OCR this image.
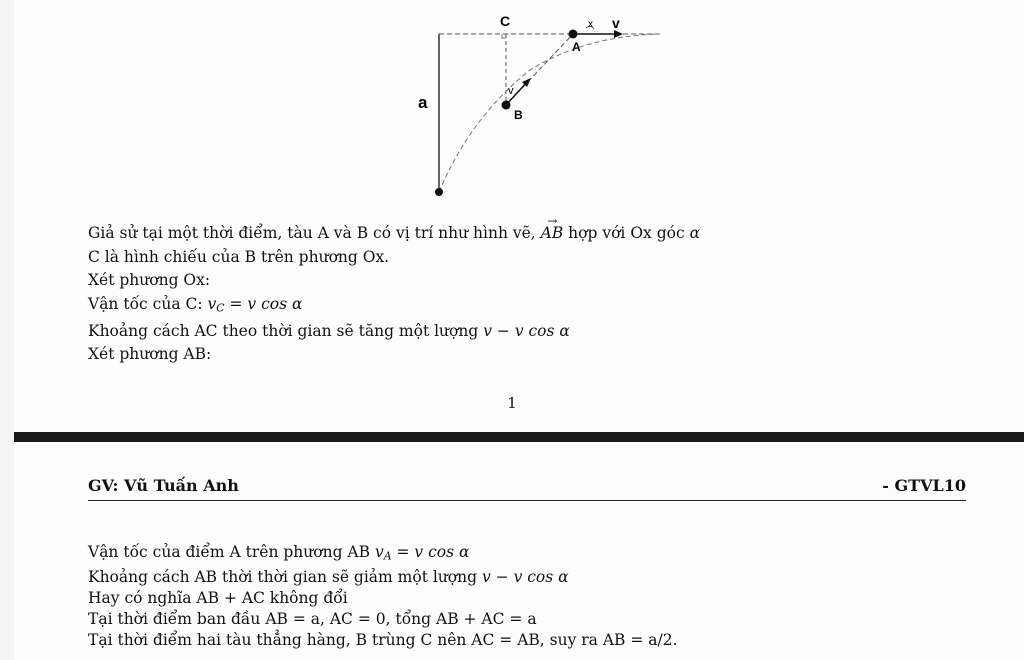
C
A
B
a
v
x
v
Giả sử tại một thời điểm, tàu A và B có vị trí như hình vẽ, → AB hợp với Ox góc α
C là hình chiếu của B trên phương Ox.
Xét phương Ox:
Vận tốc của C: $v_C = v$ cos α
Khoảng cách AC theo thời gian sẽ tăng một lượng v − v cos α
Xét phương AB:
1
GV: Vũ Tuấn Anh	- GTVL10
Vận tốc của điểm A trên phương AB $v_A = v$ cos α
Khoảng cách AB thời thời gian sẽ giảm một lượng v − v cos α
Hay có nghĩa AB + AC không đổi
Tại thời điểm ban đầu AB = a, AC = 0, tổng AB + AC = a
Tại thời điểm hai tàu thẳng hàng, B trùng C nên AC = AB, suy ra AB = a/2.
